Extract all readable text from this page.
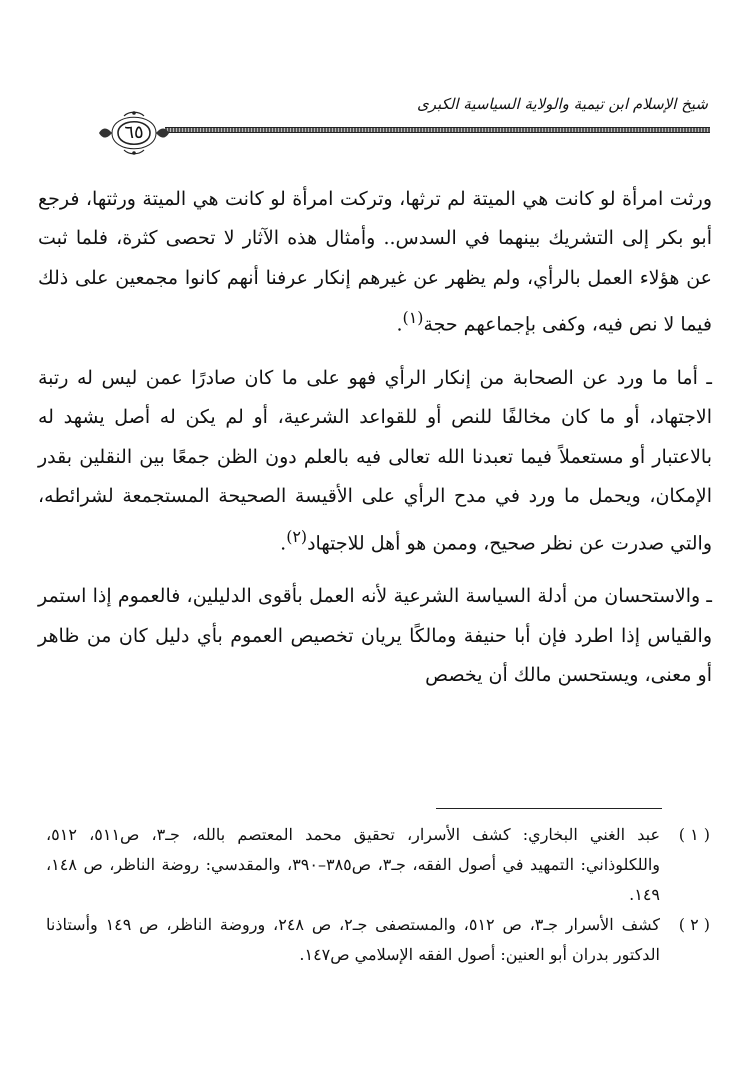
شيخ الإسلام ابن تيمية والولاية السياسية الكبرى
٦٥

ورثت امرأة لو كانت هي الميتة لم ترثها، وتركت امرأة لو كانت هي الميتة ورثتها، فرجع أبو بكر إلى التشريك بينهما في السدس.. وأمثال هذه الآثار لا تحصى كثرة، فلما ثبت عن هؤلاء العمل بالرأي، ولم يظهر عن غيرهم إنكار عرفنا أنهم كانوا مجمعين على ذلك فيما لا نص فيه، وكفى بإجماعهم حجة$^{(١)}$.

ـ أما ما ورد عن الصحابة من إنكار الرأي فهو على ما كان صادرًا عمن ليس له رتبة الاجتهاد، أو ما كان مخالفًا للنص أو للقواعد الشرعية، أو لم يكن له أصل يشهد له بالاعتبار أو مستعملاً فيما تعبدنا الله تعالى فيه بالعلم دون الظن جمعًا بين النقلين بقدر الإمكان، ويحمل ما ورد في مدح الرأي على الأقيسة الصحيحة المستجمعة لشرائطه، والتي صدرت عن نظر صحيح، وممن هو أهل للاجتهاد$^{(٢)}$.

ـ والاستحسان من أدلة السياسة الشرعية لأنه العمل بأقوى الدليلين، فالعموم إذا استمر والقياس إذا اطرد فإن أبا حنيفة ومالكًا يريان تخصيص العموم بأي دليل كان من ظاهر أو معنى، ويستحسن مالك أن يخصص

( ١ )
عبد الغني البخاري: كشف الأسرار، تحقيق محمد المعتصم بالله، جـ٣، ص٥١١، ٥١٢، واللكلوذاني: التمهيد في أصول الفقه، جـ٣، ص٣٨٥–٣٩٠، والمقدسي: روضة الناظر، ص ١٤٨، ١٤٩.
( ٢ )
كشف الأسرار جـ٣، ص ٥١٢، والمستصفى جـ٢، ص ٢٤٨، وروضة الناظر، ص ١٤٩ وأستاذنا الدكتور بدران أبو العنين: أصول الفقه الإسلامي ص١٤٧.
